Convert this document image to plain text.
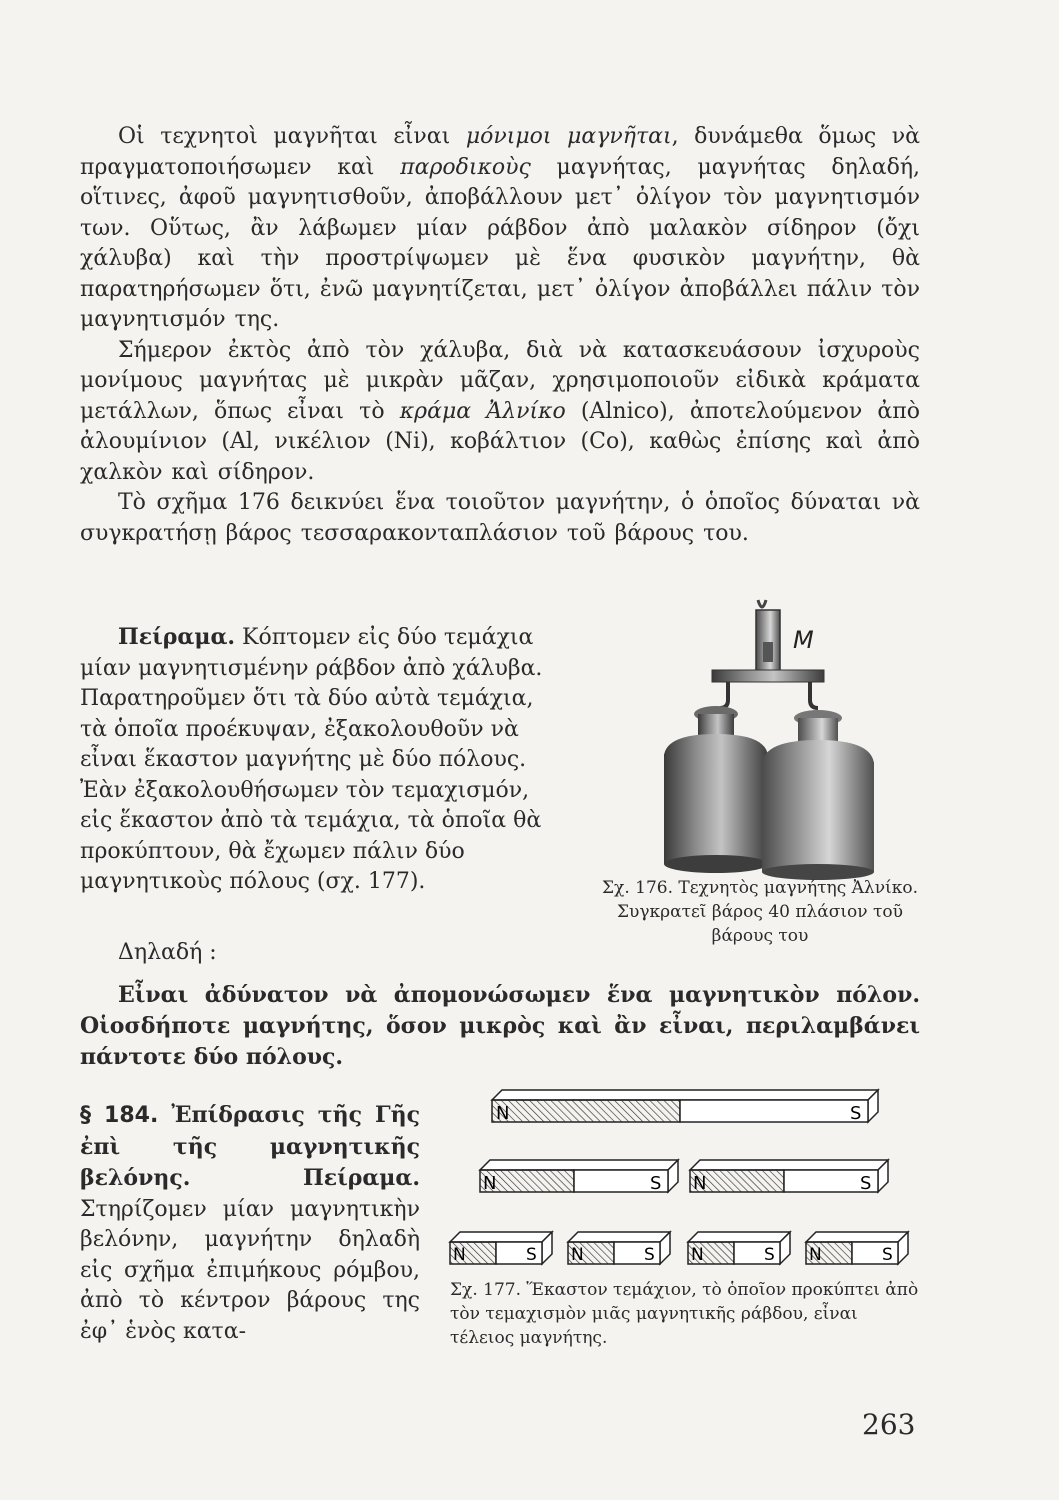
Οἱ τεχνητοὶ μαγνῆται εἶναι μόνιμοι μαγνῆται, δυνάμεθα ὅμως νὰ πραγματοποιήσωμεν καὶ παροδικοὺς μαγνήτας, μαγνήτας δηλαδή, οἵτινες, ἀφοῦ μαγνητισθοῦν, ἀποβάλλουν μετ᾽ ὀλίγον τὸν μαγνητισμόν των. Οὕτως, ἂν λάβωμεν μίαν ράβδον ἀπὸ μαλακὸν σίδηρον (ὄχι χάλυβα) καὶ τὴν προστρίψωμεν μὲ ἕνα φυσικὸν μαγνήτην, θὰ παρατηρήσωμεν ὅτι, ἐνῶ μαγνητίζεται, μετ᾽ ὀλίγον ἀποβάλλει πάλιν τὸν μαγνητισμόν της.

Σήμερον ἐκτὸς ἀπὸ τὸν χάλυβα, διὰ νὰ κατασκευάσουν ἰσχυροὺς μονίμους μαγνήτας μὲ μικρὰν μᾶζαν, χρησιμοποιοῦν εἰδικὰ κράματα μετάλλων, ὅπως εἶναι τὸ κράμα Ἀλνίκο (Alnico), ἀποτελούμενον ἀπὸ ἀλουμίνιον (Al, νικέλιον (Ni), κοβάλτιον (Co), καθὼς ἐπίσης καὶ ἀπὸ χαλκὸν καὶ σίδηρον.

Τὸ σχῆμα 176 δεικνύει ἕνα τοιοῦτον μαγνήτην, ὁ ὁποῖος δύναται νὰ συγκρατήσῃ βάρος τεσσαρακονταπλάσιον τοῦ βάρους του.

Πείραμα. Κόπτομεν εἰς δύο τεμάχια μίαν μαγνητισμένην ράβδον ἀπὸ χάλυβα. Παρατηροῦμεν ὅτι τὰ δύο αὐτὰ τεμάχια, τὰ ὁποῖα προέκυψαν, ἐξακολουθοῦν νὰ εἶναι ἕκαστον μαγνήτης μὲ δύο πόλους. Ἐὰν ἐξακολουθήσωμεν τὸν τεμαχισμόν, εἰς ἕκαστον ἀπὸ τὰ τεμάχια, τὰ ὁποῖα θὰ προκύπτουν, θὰ ἔχωμεν πάλιν δύο μαγνητικοὺς πόλους (σχ. 177).

Δηλαδή :
M
Σχ. 176. Τεχνητὸς μαγνήτης Ἀλνίκο. Συγκρατεῖ βάρος 40 πλάσιον τοῦ βάρους του
Εἶναι ἀδύνατον νὰ ἀπομονώσωμεν ἕνα μαγνητικὸν πόλον. Οἱοσδήποτε μαγνήτης, ὅσον μικρὸς καὶ ἂν εἶναι, περιλαμβάνει πάντοτε δύο πόλους.
§ 184. Ἐπίδρασις τῆς Γῆς ἐπὶ τῆς μαγνητικῆς βελόνης. Πείραμα. Στηρίζομεν μίαν μαγνητικὴν βελόνην, μαγνήτην δηλαδὴ εἰς σχῆμα ἐπιμήκους ρόμβου, ἀπὸ τὸ κέντρον βάρους της ἐφ᾽ ἑνὸς κατα-
N	S
N	S N	S
N	S N	S N	S N	S
Σχ. 177. Ἕκαστον τεμάχιον, τὸ ὁποῖον προκύπτει ἀπὸ τὸν τεμαχισμὸν μιᾶς μαγνητικῆς ράβδου, εἶναι τέλειος μαγνήτης.
263
